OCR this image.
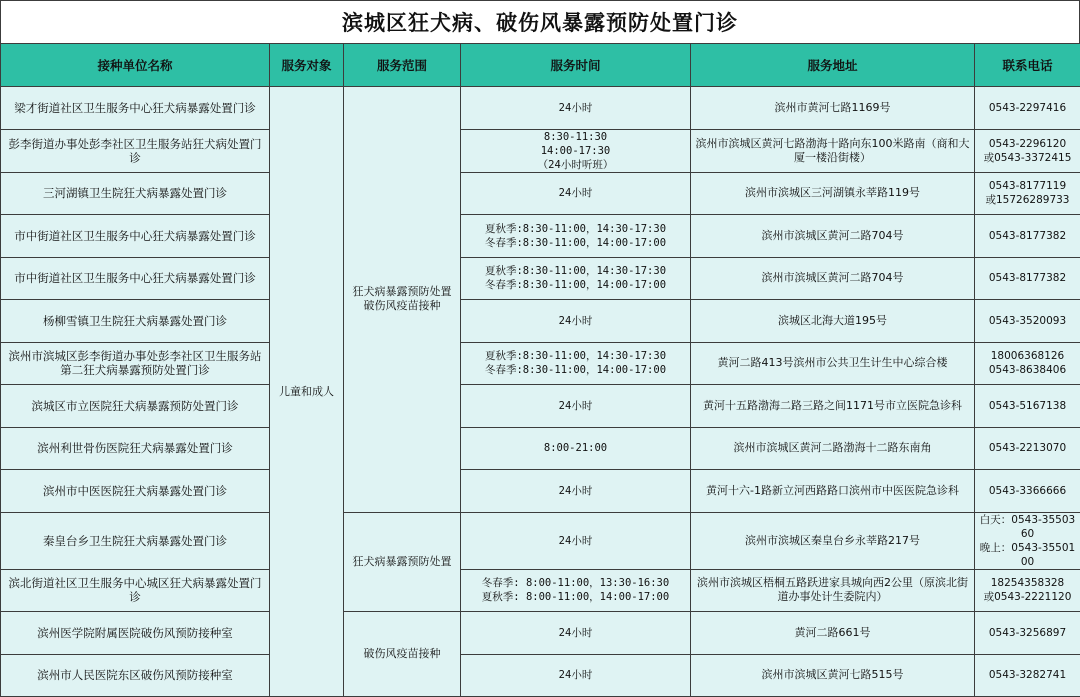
滨城区狂犬病、破伤风暴露预防处置门诊
接种单位名称	服务对象	服务范围	服务时间	服务地址	联系电话

梁才街道社区卫生服务中心狂犬病暴露处置门诊	儿童和成人	狂犬病暴露预防处置
破伤风疫苗接种	24小时	滨州市黄河七路1169号	0543-2297416

彭李街道办事处彭李社区卫生服务站狂犬病处置门诊			8:30-11:30
14:00-17:30
（24小时听班）	滨州市滨城区黄河七路渤海十路向东100米路南（商和大厦一楼沿街楼）	0543-2296120
或0543-3372415

三河湖镇卫生院狂犬病暴露处置门诊			24小时	滨州市滨城区三河湖镇永莘路119号	0543-8177119
或15726289733

市中街道社区卫生服务中心狂犬病暴露处置门诊			夏秋季:8:30-11:00，14:30-17:30
冬春季:8:30-11:00，14:00-17:00	滨州市滨城区黄河二路704号	0543-8177382

市中街道社区卫生服务中心狂犬病暴露处置门诊			夏秋季:8:30-11:00，14:30-17:30
冬春季:8:30-11:00，14:00-17:00	滨州市滨城区黄河二路704号	0543-8177382

杨柳雪镇卫生院狂犬病暴露处置门诊			24小时	滨城区北海大道195号	0543-3520093

滨州市滨城区彭李街道办事处彭李社区卫生服务站第二狂犬病暴露预防处置门诊			夏秋季:8:30-11:00，14:30-17:30
冬春季:8:30-11:00，14:00-17:00	黄河二路413号滨州市公共卫生计生中心综合楼	18006368126
0543-8638406

滨城区市立医院狂犬病暴露预防处置门诊			24小时	黄河十五路渤海二路三路之间1171号市立医院急诊科	0543-5167138

滨州利世骨伤医院狂犬病暴露处置门诊			8:00-21:00	滨州市滨城区黄河二路渤海十二路东南角	0543-2213070

滨州市中医医院狂犬病暴露处置门诊			24小时	黄河十六-1路新立河西路路口滨州市中医医院急诊科	0543-3366666

秦皇台乡卫生院狂犬病暴露处置门诊		狂犬病暴露预防处置	24小时	滨州市滨城区秦皇台乡永莘路217号	白天：0543-3550360
晚上：0543-3550100

滨北街道社区卫生服务中心城区狂犬病暴露处置门诊			冬春季: 8:00-11:00，13:30-16:30
夏秋季: 8:00-11:00，14:00-17:00	滨州市滨城区梧桐五路跃进家具城向西2公里（原滨北街道办事处计生委院内）	18254358328
或0543-2221120

滨州医学院附属医院破伤风预防接种室		破伤风疫苗接种	24小时	黄河二路661号	0543-3256897

滨州市人民医院东区破伤风预防接种室			24小时	滨州市滨城区黄河七路515号	0543-3282741
